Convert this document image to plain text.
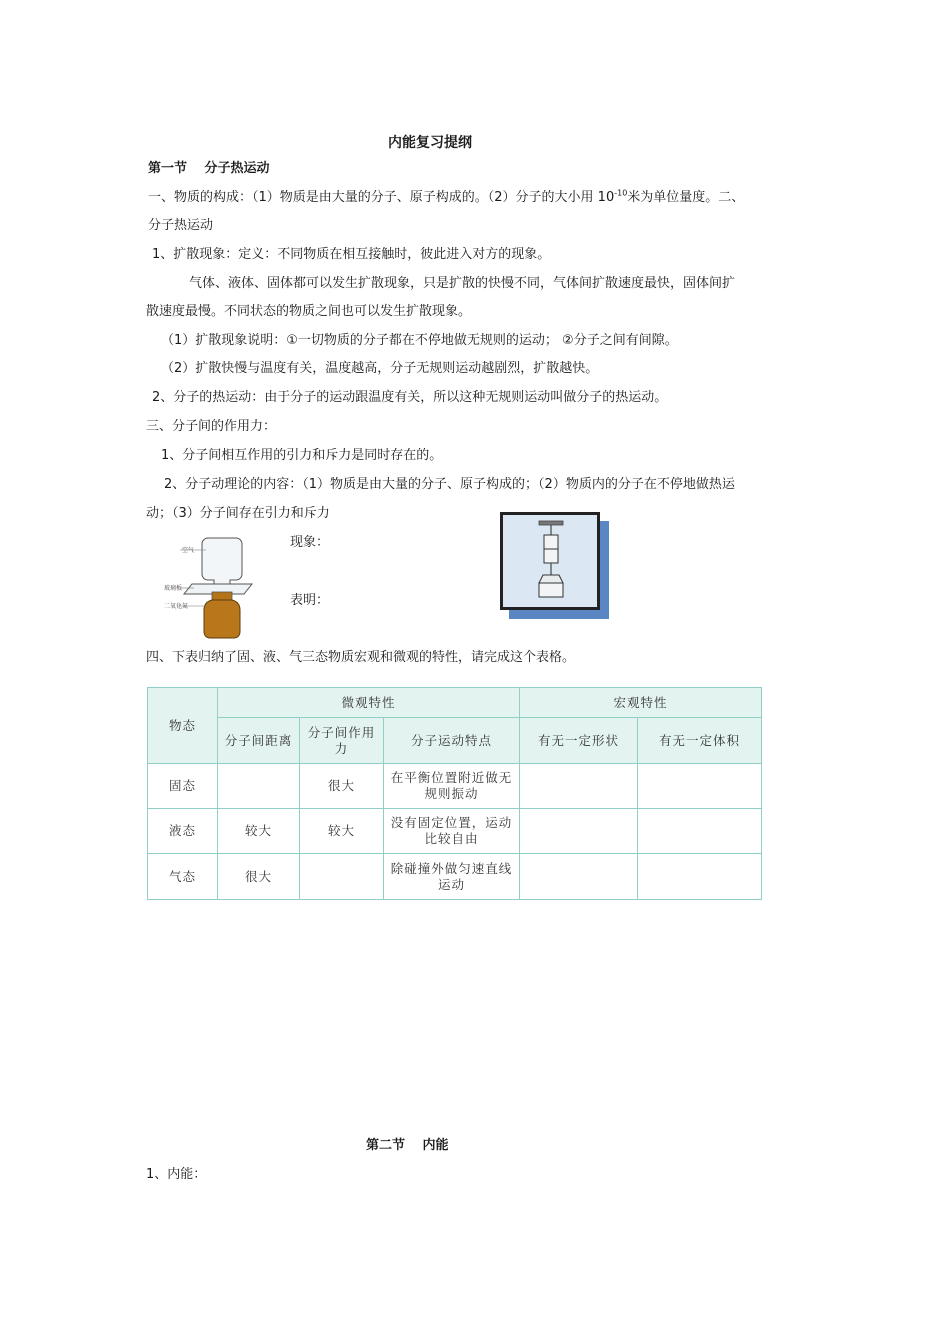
内能复习提纲
第一节　 分子热运动
一、物质的构成：（1）物质是由大量的分子、原子构成的。（2）分子的大小用 $10^{-10}$米为单位量度。二、
分子热运动
1、扩散现象：定义：不同物质在相互接触时，彼此进入对方的现象。
气体、液体、固体都可以发生扩散现象，只是扩散的快慢不同，气体间扩散速度最快，固体间扩
散速度最慢。不同状态的物质之间也可以发生扩散现象。
（1）扩散现象说明：①一切物质的分子都在不停地做无规则的运动； ②分子之间有间隙。
（2）扩散快慢与温度有关，温度越高，分子无规则运动越剧烈，扩散越快。
2、分子的热运动：由于分子的运动跟温度有关，所以这种无规则运动叫做分子的热运动。
三、分子间的作用力：
1、分子间相互作用的引力和斥力是同时存在的。
2、分子动理论的内容：（1）物质是由大量的分子、原子构成的；（2）物质内的分子在不停地做热运
动；（3）分子间存在引力和斥力
空气
玻璃板
二氧化氮
现象：
表明：
四、下表归纳了固、液、气三态物质宏观和微观的特性，请完成这个表格。
物态	微观特性			宏观特性	
	分子间距离	分子间作用力	分子运动特点	有无一定形状	有无一定体积
固态		很大	在平衡位置附近做无规则振动		
液态	较大	较大	没有固定位置，运动比较自由		
气态	很大		除碰撞外做匀速直线运动		
第二节　 内能
1、内能：
